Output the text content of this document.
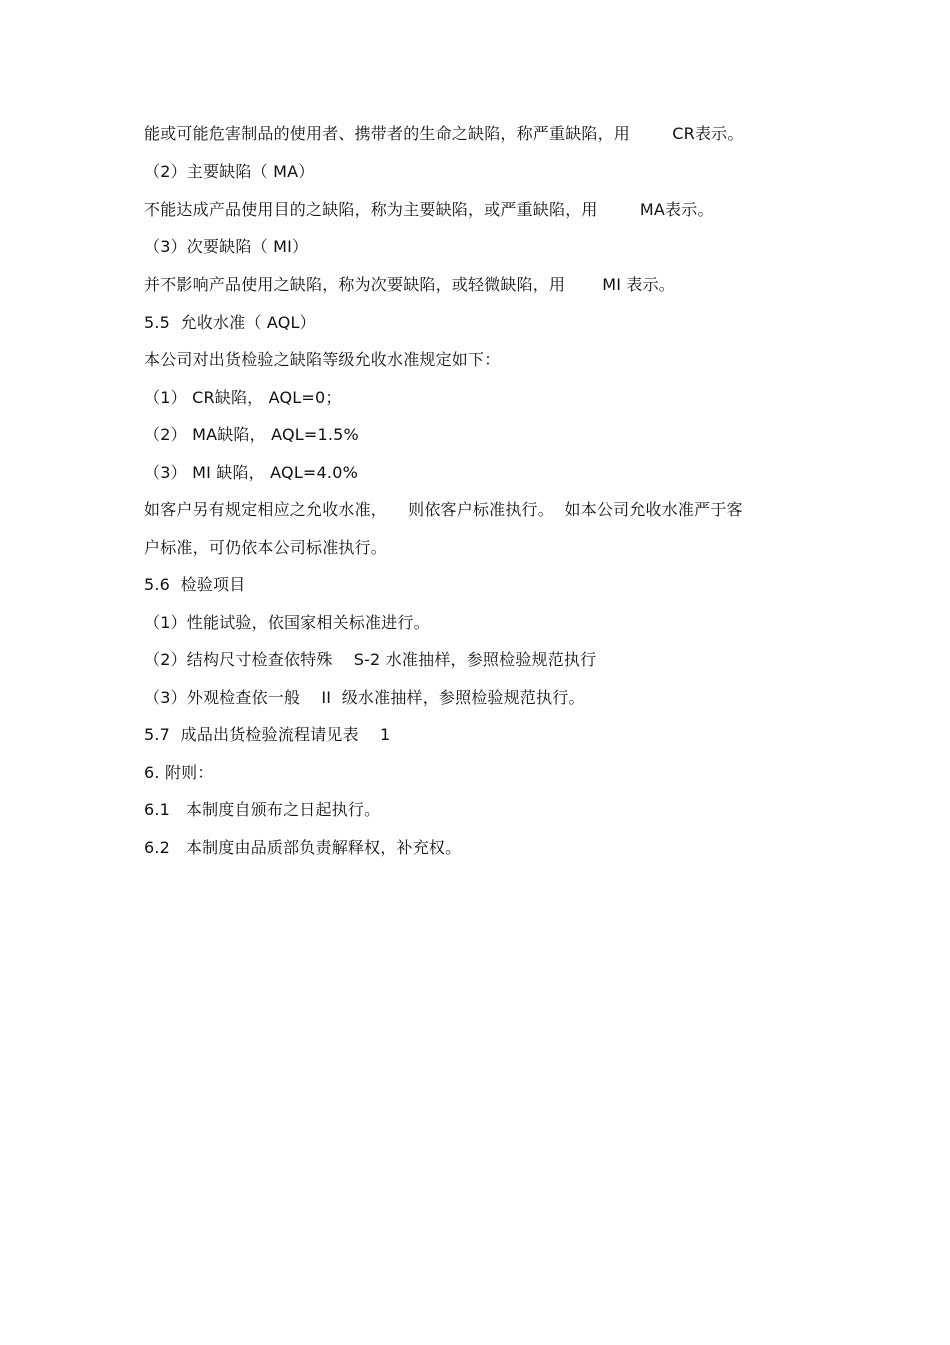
能或可能危害制品的使用者、携带者的生命之缺陷，称严重缺陷，用        CR表示。
（2）主要缺陷（ MA）
不能达成产品使用目的之缺陷，称为主要缺陷，或严重缺陷，用        MA表示。
（3）次要缺陷（ MI）
并不影响产品使用之缺陷，称为次要缺陷，或轻微缺陷，用       MI 表示。
5.5  允收水准（ AQL）
本公司对出货检验之缺陷等级允收水准规定如下：
（1） CR缺陷， AQL=0；
（2） MA缺陷， AQL=1.5%
（3） MI 缺陷， AQL=4.0%
如客户另有规定相应之允收水准，    则依客户标准执行。  如本公司允收水准严于客
户标准，可仍依本公司标准执行。
5.6  检验项目
（1）性能试验，依国家相关标准进行。
（2）结构尺寸检查依特殊    S-2 水准抽样，参照检验规范执行
（3）外观检查依一般    II  级水准抽样，参照检验规范执行。
5.7  成品出货检验流程请见表    1
6. 附则：
6.1   本制度自颁布之日起执行。
6.2   本制度由品质部负责解释权，补充权。
